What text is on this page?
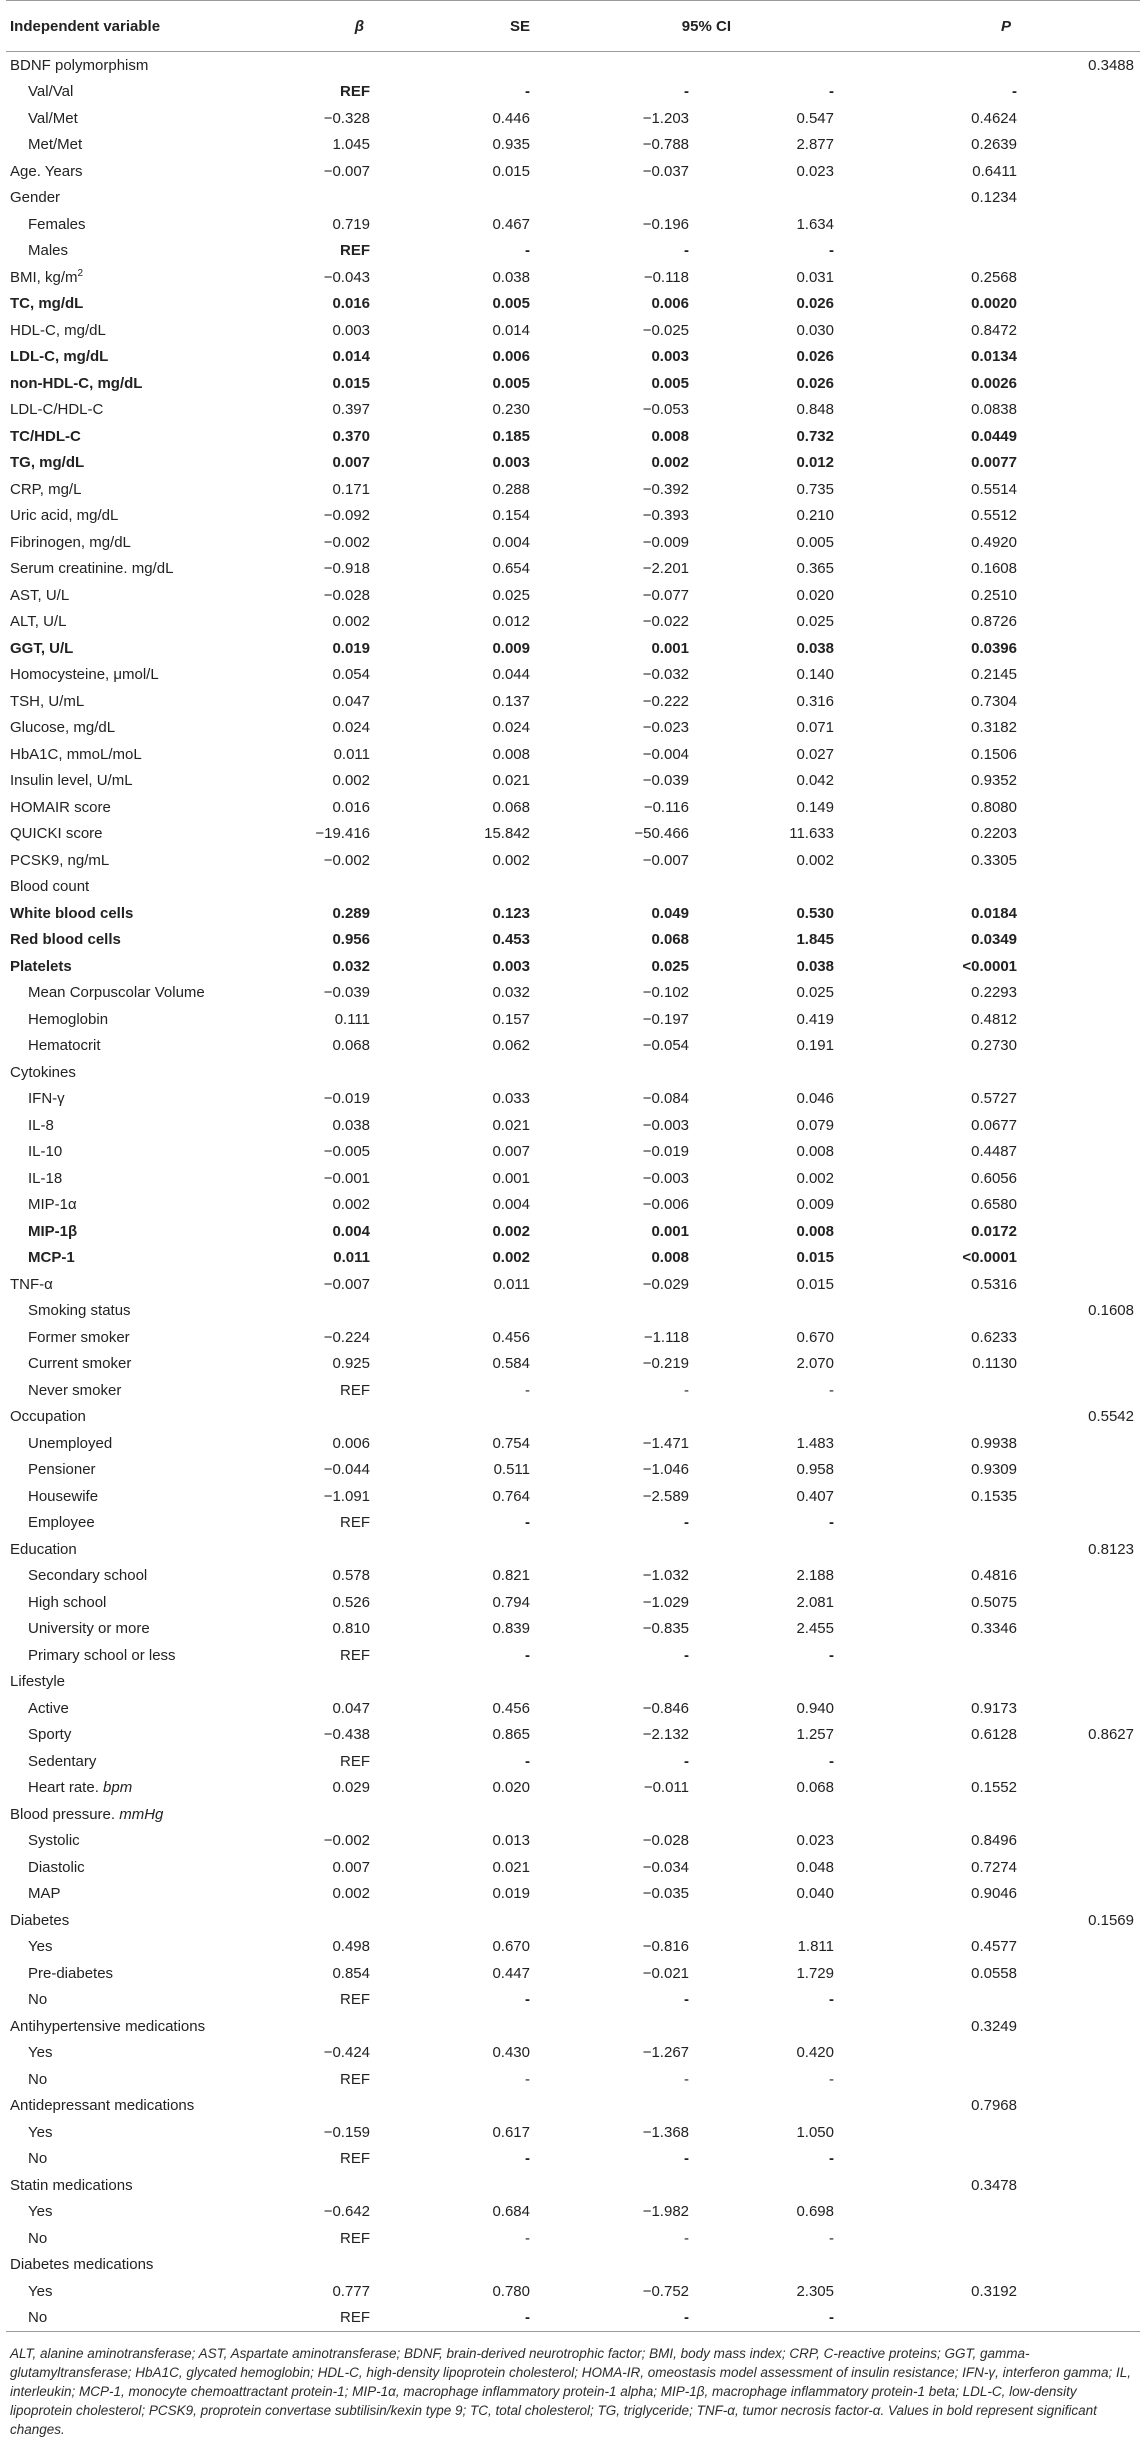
Independent variable	β	SE	95% CI		P	
BDNF polymorphism						0.3488
Val/Val	REF	-	-	-	-	
Val/Met	−0.328	0.446	−1.203	0.547	0.4624	
Met/Met	1.045	0.935	−0.788	2.877	0.2639	
Age. Years	−0.007	0.015	−0.037	0.023	0.6411	
Gender					0.1234	
Females	0.719	0.467	−0.196	1.634		
Males	REF	-	-	-		
BMI, $kg/m^2$	−0.043	0.038	−0.118	0.031	0.2568	
TC, mg/dL	0.016	0.005	0.006	0.026	0.0020	
HDL-C, mg/dL	0.003	0.014	−0.025	0.030	0.8472	
LDL-C, mg/dL	0.014	0.006	0.003	0.026	0.0134	
non-HDL-C, mg/dL	0.015	0.005	0.005	0.026	0.0026	
LDL-C/HDL-C	0.397	0.230	−0.053	0.848	0.0838	
TC/HDL-C	0.370	0.185	0.008	0.732	0.0449	
TG, mg/dL	0.007	0.003	0.002	0.012	0.0077	
CRP, mg/L	0.171	0.288	−0.392	0.735	0.5514	
Uric acid, mg/dL	−0.092	0.154	−0.393	0.210	0.5512	
Fibrinogen, mg/dL	−0.002	0.004	−0.009	0.005	0.4920	
Serum creatinine. mg/dL	−0.918	0.654	−2.201	0.365	0.1608	
AST, U/L	−0.028	0.025	−0.077	0.020	0.2510	
ALT, U/L	0.002	0.012	−0.022	0.025	0.8726	
GGT, U/L	0.019	0.009	0.001	0.038	0.0396	
Homocysteine, μmol/L	0.054	0.044	−0.032	0.140	0.2145	
TSH, U/mL	0.047	0.137	−0.222	0.316	0.7304	
Glucose, mg/dL	0.024	0.024	−0.023	0.071	0.3182	
HbA1C, mmoL/moL	0.011	0.008	−0.004	0.027	0.1506	
Insulin level, U/mL	0.002	0.021	−0.039	0.042	0.9352	
HOMAIR score	0.016	0.068	−0.116	0.149	0.8080	
QUICKI score	−19.416	15.842	−50.466	11.633	0.2203	
PCSK9, ng/mL	−0.002	0.002	−0.007	0.002	0.3305	
Blood count						
White blood cells	0.289	0.123	0.049	0.530	0.0184	
Red blood cells	0.956	0.453	0.068	1.845	0.0349	
Platelets	0.032	0.003	0.025	0.038	<0.0001	
Mean Corpuscolar Volume	−0.039	0.032	−0.102	0.025	0.2293	
Hemoglobin	0.111	0.157	−0.197	0.419	0.4812	
Hematocrit	0.068	0.062	−0.054	0.191	0.2730	
Cytokines						
IFN-γ	−0.019	0.033	−0.084	0.046	0.5727	
IL-8	0.038	0.021	−0.003	0.079	0.0677	
IL-10	−0.005	0.007	−0.019	0.008	0.4487	
IL-18	−0.001	0.001	−0.003	0.002	0.6056	
MIP-1α	0.002	0.004	−0.006	0.009	0.6580	
MIP-1β	0.004	0.002	0.001	0.008	0.0172	
MCP-1	0.011	0.002	0.008	0.015	<0.0001	
TNF-α	−0.007	0.011	−0.029	0.015	0.5316	
Smoking status						0.1608
Former smoker	−0.224	0.456	−1.118	0.670	0.6233	
Current smoker	0.925	0.584	−0.219	2.070	0.1130	
Never smoker	REF	-	-	-		
Occupation						0.5542
Unemployed	0.006	0.754	−1.471	1.483	0.9938	
Pensioner	−0.044	0.511	−1.046	0.958	0.9309	
Housewife	−1.091	0.764	−2.589	0.407	0.1535	
Employee	REF	-	-	-		
Education						0.8123
Secondary school	0.578	0.821	−1.032	2.188	0.4816	
High school	0.526	0.794	−1.029	2.081	0.5075	
University or more	0.810	0.839	−0.835	2.455	0.3346	
Primary school or less	REF	-	-	-		
Lifestyle						
Active	0.047	0.456	−0.846	0.940	0.9173	
Sporty	−0.438	0.865	−2.132	1.257	0.6128	0.8627
Sedentary	REF	-	-	-		
Heart rate. bpm	0.029	0.020	−0.011	0.068	0.1552	
Blood pressure. mmHg						
Systolic	−0.002	0.013	−0.028	0.023	0.8496	
Diastolic	0.007	0.021	−0.034	0.048	0.7274	
MAP	0.002	0.019	−0.035	0.040	0.9046	
Diabetes						0.1569
Yes	0.498	0.670	−0.816	1.811	0.4577	
Pre-diabetes	0.854	0.447	−0.021	1.729	0.0558	
No	REF	-	-	-		
Antihypertensive medications					0.3249	
Yes	−0.424	0.430	−1.267	0.420		
No	REF	-	-	-		
Antidepressant medications					0.7968	
Yes	−0.159	0.617	−1.368	1.050		
No	REF	-	-	-		
Statin medications					0.3478	
Yes	−0.642	0.684	−1.982	0.698		
No	REF	-	-	-		
Diabetes medications						
Yes	0.777	0.780	−0.752	2.305	0.3192	
No	REF	-	-	-		

ALT, alanine aminotransferase; AST, Aspartate aminotransferase; BDNF, brain-derived neurotrophic factor; BMI, body mass index; CRP, C-reactive proteins; GGT, gamma-glutamyltransferase; HbA1C, glycated hemoglobin; HDL-C, high-density lipoprotein cholesterol; HOMA-IR, omeostasis model assessment of insulin resistance; IFN-γ, interferon gamma; IL, interleukin; MCP-1, monocyte chemoattractant protein-1; MIP-1α, macrophage inflammatory protein-1 alpha; MIP-1β, macrophage inflammatory protein-1 beta; LDL-C, low-density lipoprotein cholesterol; PCSK9, proprotein convertase subtilisin/kexin type 9; TC, total cholesterol; TG, triglyceride; TNF-α, tumor necrosis factor-α. Values in bold represent significant changes.
